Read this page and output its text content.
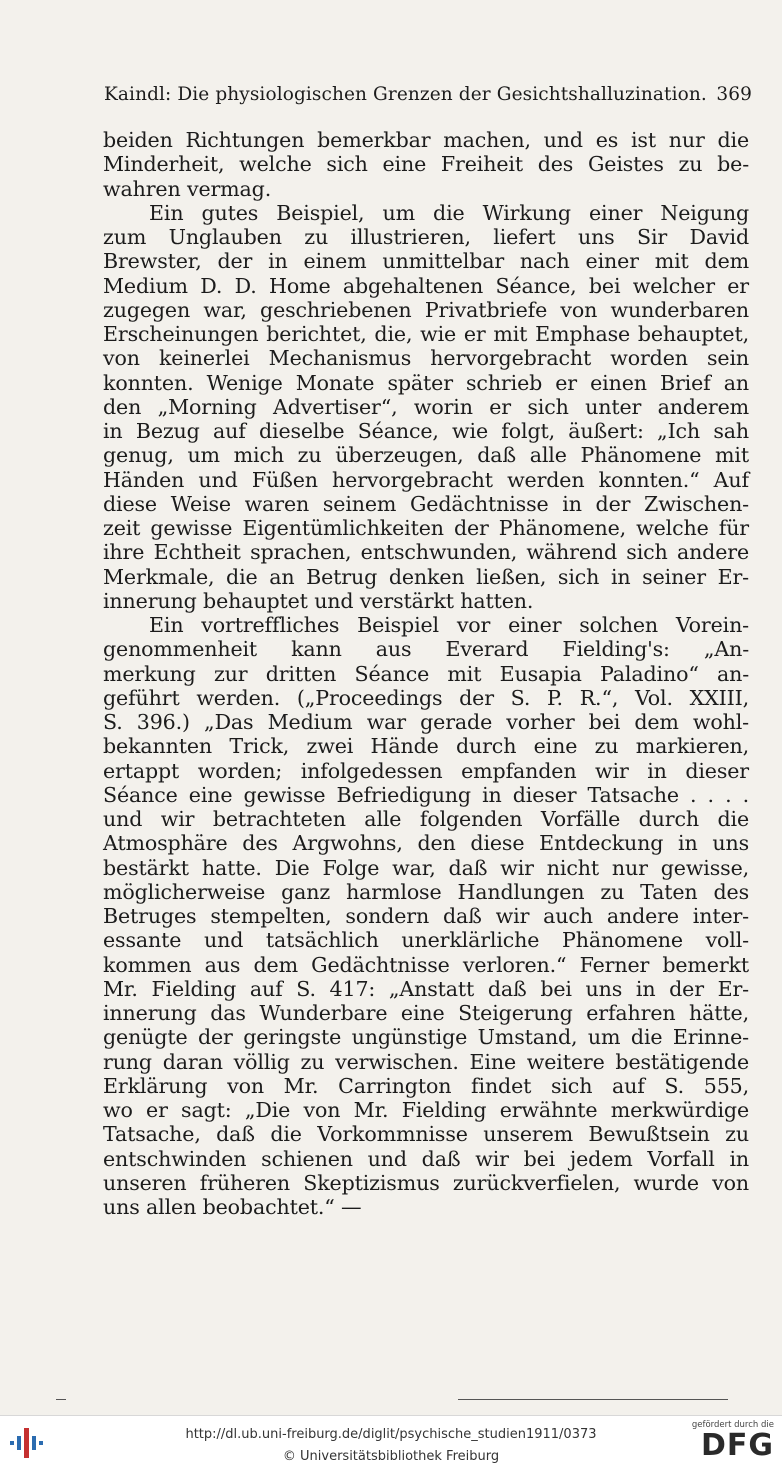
Kaindl: Die physiologischen Grenzen der Gesichtshalluzination. 369
beiden Richtungen bemerkbar machen, und es ist nur die
Minderheit, welche sich eine Freiheit des Geistes zu be-
wahren vermag.
Ein gutes Beispiel, um die Wirkung einer Neigung
zum Unglauben zu illustrieren, liefert uns Sir David
Brewster, der in einem unmittelbar nach einer mit dem
Medium D. D. Home abgehaltenen Séance, bei welcher er
zugegen war, geschriebenen Privatbriefe von wunderbaren
Erscheinungen berichtet, die, wie er mit Emphase behauptet,
von keinerlei Mechanismus hervorgebracht worden sein
konnten. Wenige Monate später schrieb er einen Brief an
den „Morning Advertiser“, worin er sich unter anderem
in Bezug auf dieselbe Séance, wie folgt, äußert: „Ich sah
genug, um mich zu überzeugen, daß alle Phänomene mit
Händen und Füßen hervorgebracht werden konnten.“ Auf
diese Weise waren seinem Gedächtnisse in der Zwischen-
zeit gewisse Eigentümlichkeiten der Phänomene, welche für
ihre Echtheit sprachen, entschwunden, während sich andere
Merkmale, die an Betrug denken ließen, sich in seiner Er-
innerung behauptet und verstärkt hatten.
Ein vortreffliches Beispiel vor einer solchen Vorein-
genommenheit kann aus Everard Fielding's: „An-
merkung zur dritten Séance mit Eusapia Paladino“ an-
geführt werden. („Proceedings der S. P. R.“, Vol. XXIII,
S. 396.) „Das Medium war gerade vorher bei dem wohl-
bekannten Trick, zwei Hände durch eine zu markieren,
ertappt worden; infolgedessen empfanden wir in dieser
Séance eine gewisse Befriedigung in dieser Tatsache . . . .
und wir betrachteten alle folgenden Vorfälle durch die
Atmosphäre des Argwohns, den diese Entdeckung in uns
bestärkt hatte. Die Folge war, daß wir nicht nur gewisse,
möglicherweise ganz harmlose Handlungen zu Taten des
Betruges stempelten, sondern daß wir auch andere inter-
essante und tatsächlich unerklärliche Phänomene voll-
kommen aus dem Gedächtnisse verloren.“ Ferner bemerkt
Mr. Fielding auf S. 417: „Anstatt daß bei uns in der Er-
innerung das Wunderbare eine Steigerung erfahren hätte,
genügte der geringste ungünstige Umstand, um die Erinne-
rung daran völlig zu verwischen. Eine weitere bestätigende
Erklärung von Mr. Carrington findet sich auf S. 555,
wo er sagt: „Die von Mr. Fielding erwähnte merkwürdige
Tatsache, daß die Vorkommnisse unserem Bewußtsein zu
entschwinden schienen und daß wir bei jedem Vorfall in
unseren früheren Skeptizismus zurückverfielen, wurde von
uns allen beobachtet.“ —
http://dl.ub.uni-freiburg.de/diglit/psychische_studien1911/0373
© Universitätsbibliothek Freiburg
gefördert durch die
DFG
